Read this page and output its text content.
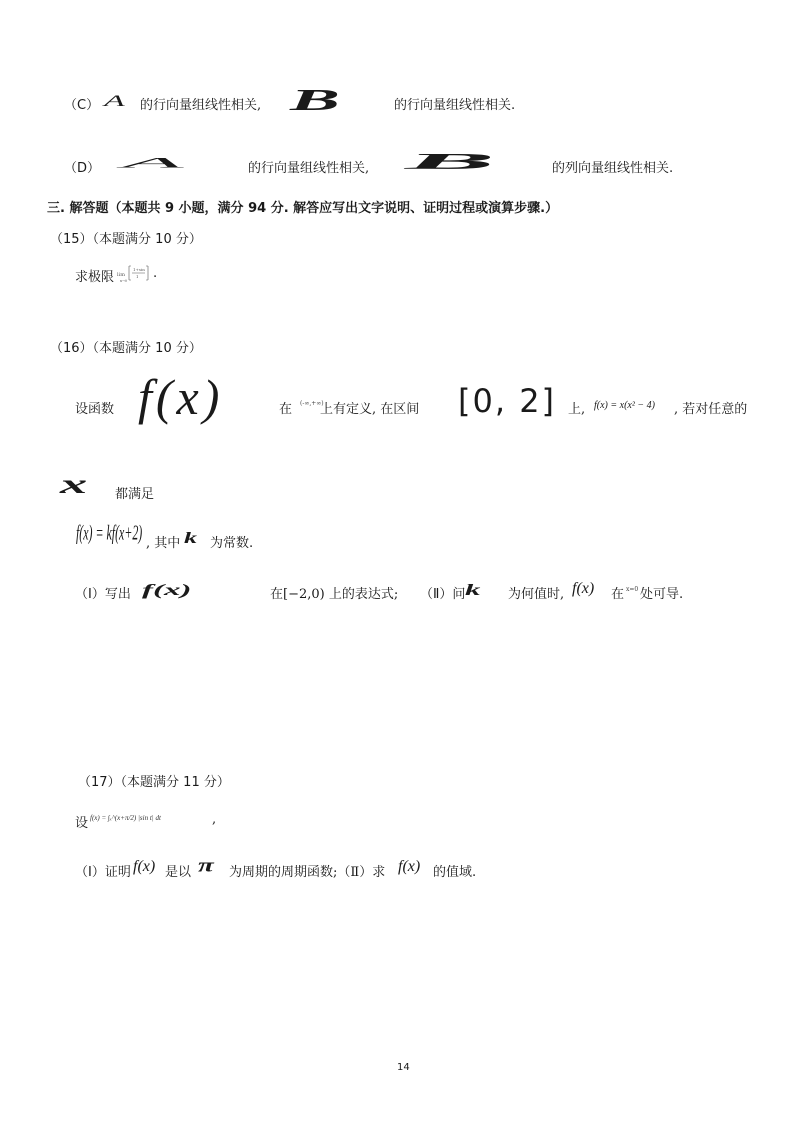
（C） A 的行向量组线性相关, B	的行向量组线性相关.
（D） A	的行向量组线性相关, B	的列向量组线性相关.
三. 解答题（本题共 9 小题，满分 94 分. 解答应写出文字说明、证明过程或演算步骤.）
（15）（本题满分 10 分）
求极限 lim
1+sin
1
x→0 .
（16）（本题满分 10 分）
设函数 f(x)	在 (-∞,+∞)
上有定义, 在区间 [0, 2] 上, f(x) = x(x² − 4) , 若对任意的
x 都满足
f(x) = kf(x+2) , 其中 k 为常数.
（Ⅰ）写出 f(x)	在[−2,0) 上的表达式; （Ⅱ）问 k 为何值时, f(x) 在 x=0 处可导.
（17）（本题满分 11 分）
设 f(x) = ∫ₓ^(x+π/2) |sin t| dt	,
（Ⅰ）证明 f(x) 是以 π 为周期的周期函数;（Ⅱ）求 f(x) 的值域.
14
